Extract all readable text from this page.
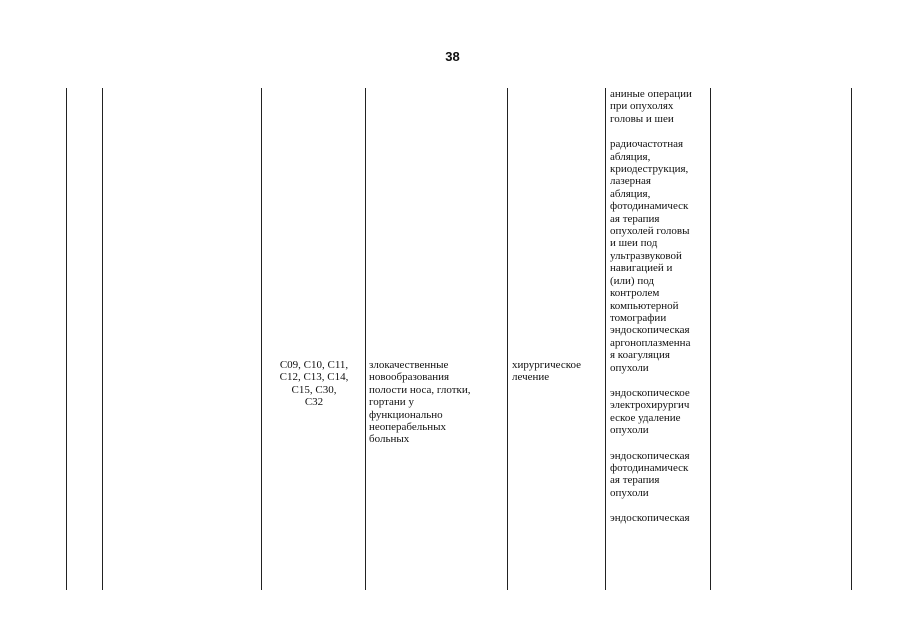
38
C09, C10, C11,
C12, C13, C14,
C15, C30,
C32
злокачественные
новообразования
полости носа, глотки,
гортани у
функционально
неоперабельных
больных
хирургическое
лечение
аниные операции
при опухолях
головы и шеи
радиочастотная
абляция,
криодеструкция,
лазерная
абляция,
фотодинамическ
ая терапия
опухолей головы
и шеи под
ультразвуковой
навигацией и
(или) под
контролем
компьютерной
томографии
эндоскопическая
аргоноплазменна
я коагуляция
опухоли
эндоскопическое
электрохирургич
еское удаление
опухоли
эндоскопическая
фотодинамическ
ая терапия
опухоли
эндоскопическая
